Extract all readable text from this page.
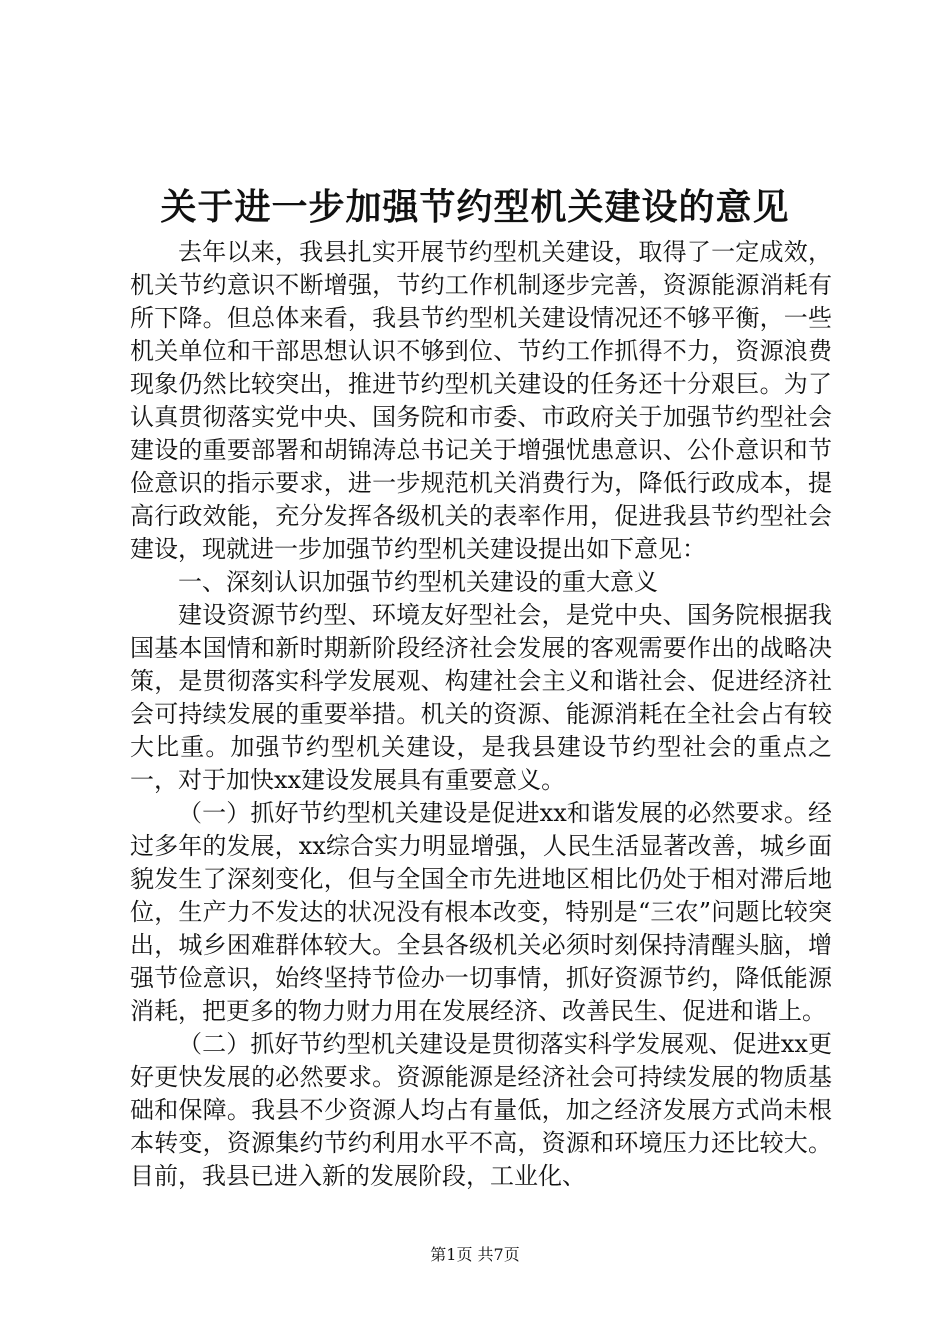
关于进一步加强节约型机关建设的意见

去年以来，我县扎实开展节约型机关建设，取得了一定成效，机关节约意识不断增强，节约工作机制逐步完善，资源能源消耗有所下降。但总体来看，我县节约型机关建设情况还不够平衡，一些机关单位和干部思想认识不够到位、节约工作抓得不力，资源浪费现象仍然比较突出，推进节约型机关建设的任务还十分艰巨。为了认真贯彻落实党中央、国务院和市委、市政府关于加强节约型社会建设的重要部署和胡锦涛总书记关于增强忧患意识、公仆意识和节俭意识的指示要求，进一步规范机关消费行为，降低行政成本，提高行政效能，充分发挥各级机关的表率作用，促进我县节约型社会建设，现就进一步加强节约型机关建设提出如下意见：

一、深刻认识加强节约型机关建设的重大意义

建设资源节约型、环境友好型社会，是党中央、国务院根据我国基本国情和新时期新阶段经济社会发展的客观需要作出的战略决策，是贯彻落实科学发展观、构建社会主义和谐社会、促进经济社会可持续发展的重要举措。机关的资源、能源消耗在全社会占有较大比重。加强节约型机关建设，是我县建设节约型社会的重点之一，对于加快xx建设发展具有重要意义。

（一）抓好节约型机关建设是促进xx和谐发展的必然要求。经过多年的发展，xx综合实力明显增强，人民生活显著改善，城乡面貌发生了深刻变化，但与全国全市先进地区相比仍处于相对滞后地位，生产力不发达的状况没有根本改变，特别是“三农”问题比较突出，城乡困难群体较大。全县各级机关必须时刻保持清醒头脑，增强节俭意识，始终坚持节俭办一切事情，抓好资源节约，降低能源消耗，把更多的物力财力用在发展经济、改善民生、促进和谐上。

（二）抓好节约型机关建设是贯彻落实科学发展观、促进xx更好更快发展的必然要求。资源能源是经济社会可持续发展的物质基础和保障。我县不少资源人均占有量低，加之经济发展方式尚未根本转变，资源集约节约利用水平不高，资源和环境压力还比较大。目前，我县已进入新的发展阶段，工业化、

第1页 共7页
